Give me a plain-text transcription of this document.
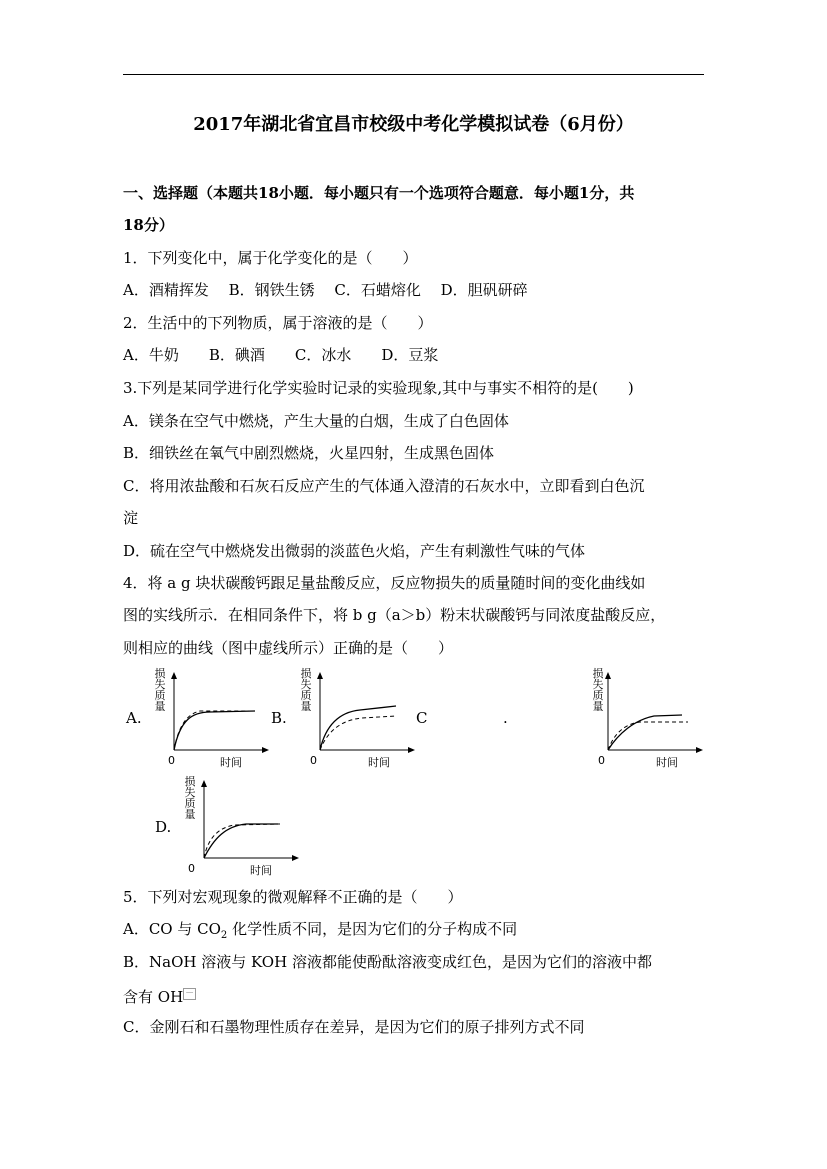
2017年湖北省宜昌市校级中考化学模拟试卷（6月份）
一、选择题（本题共18小题．每小题只有一个选项符合题意．每小题1分，共
18分）
1．下列变化中，属于化学变化的是（　　）
A．酒精挥发　 B．钢铁生锈　 C．石蜡熔化　 D．胆矾研碎
2．生活中的下列物质，属于溶液的是（　　）
A．牛奶　　B．碘酒　　C．冰水　　D．豆浆
3.下列是某同学进行化学实验时记录的实验现象,其中与事实不相符的是(　　)
A．镁条在空气中燃烧，产生大量的白烟，生成了白色固体
B．细铁丝在氧气中剧烈燃烧，火星四射，生成黑色固体
C．将用浓盐酸和石灰石反应产生的气体通入澄清的石灰水中，立即看到白色沉
淀
D．硫在空气中燃烧发出微弱的淡蓝色火焰，产生有刺激性气味的气体
4．将 a g 块状碳酸钙跟足量盐酸反应，反应物损失的质量随时间的变化曲线如
图的实线所示．在相同条件下，将 b g（a＞b）粉末状碳酸钙与同浓度盐酸反应，
则相应的曲线（图中虚线所示）正确的是（　　）
A.	B.	C	.
D.
损
失
质
量
0	时间
损
失
质
量
0	时间
损
失
质
量
0	时间
损
失
质
量
0	时间
5．下列对宏观现象的微观解释不正确的是（　　）
A．CO 与 $CO_2$ 化学性质不同，是因为它们的分子构成不同
B．NaOH 溶液与 KOH 溶液都能使酚酞溶液变成红色，是因为它们的溶液中都
含有 OH －
C．金刚石和石墨物理性质存在差异，是因为它们的原子排列方式不同
